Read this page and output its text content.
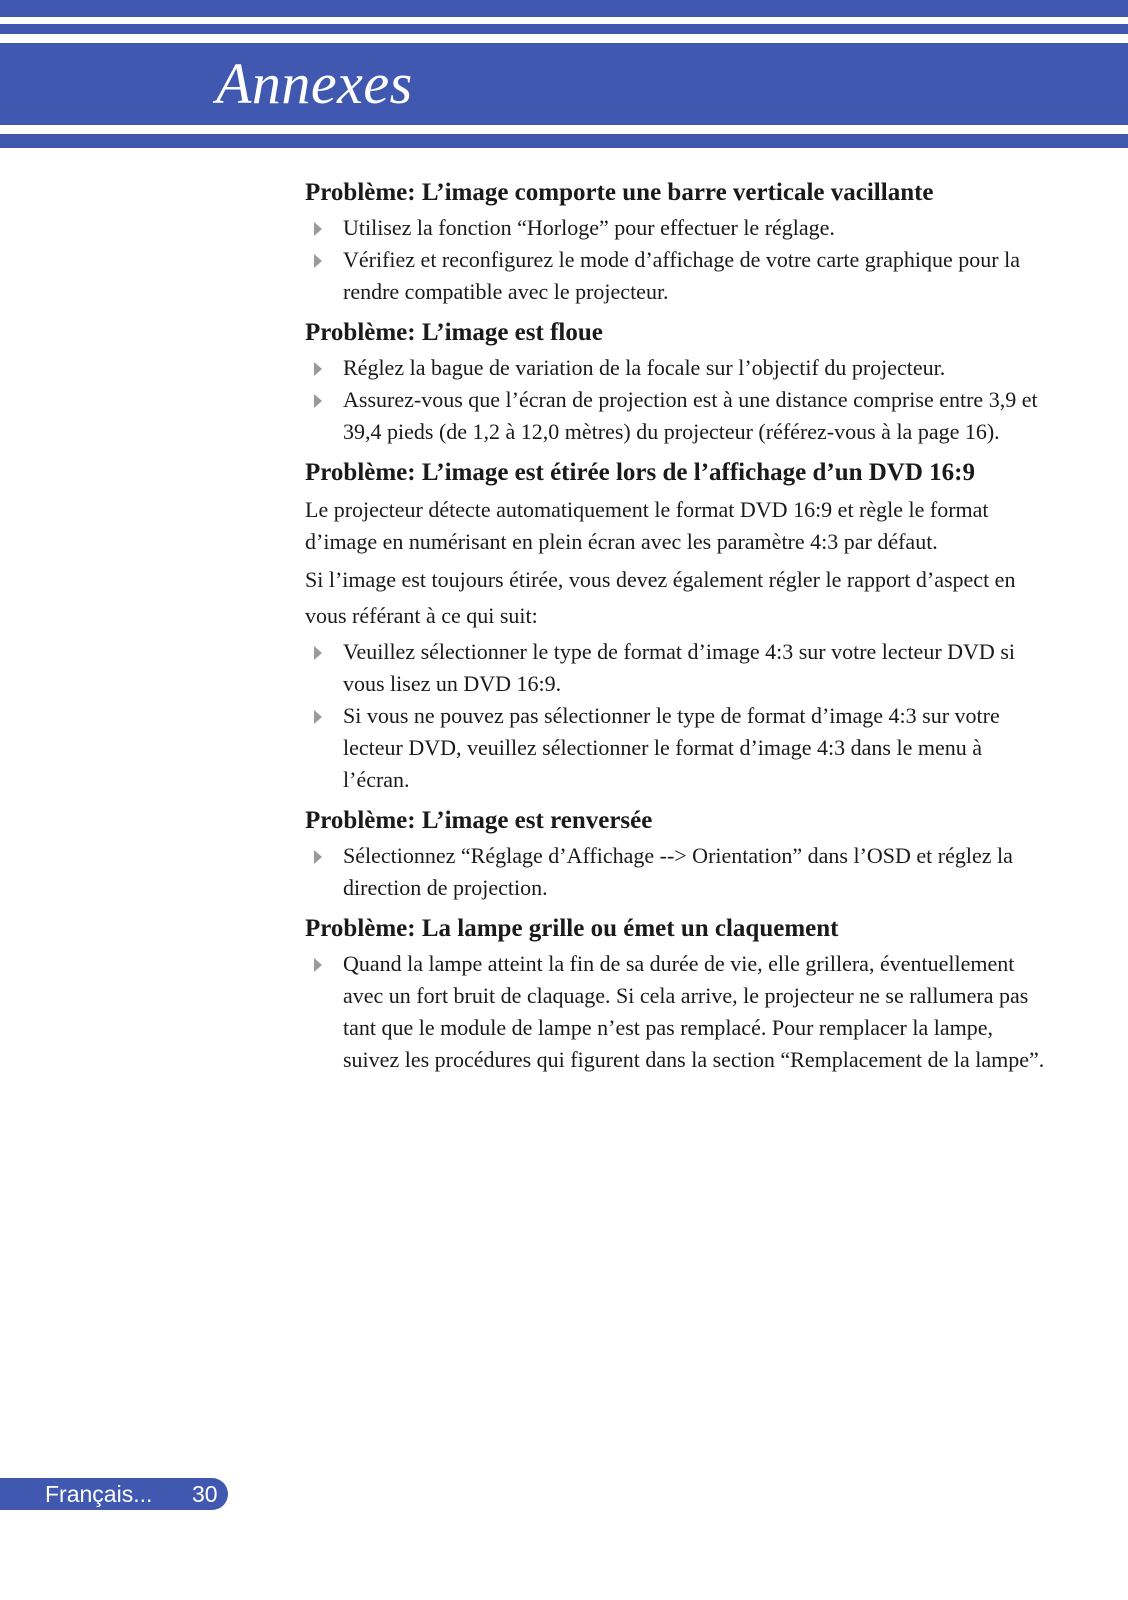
Annexes
Problème: L’image comporte une barre verticale vacillante
Utilisez la fonction “Horloge” pour effectuer le réglage.
Vérifiez et reconfigurez le mode d’affichage de votre carte graphique pour la rendre compatible avec le projecteur.
Problème: L’image est floue
Réglez la bague de variation de la focale sur l’objectif du projecteur.
Assurez-vous que l’écran de projection est à une distance comprise entre 3,9 et 39,4 pieds (de 1,2 à 12,0 mètres) du projecteur (référez-vous à la page 16).
Problème: L’image est étirée lors de l’affichage d’un DVD 16:9

Le projecteur détecte automatiquement le format DVD 16:9 et règle le format d’image en numérisant en plein écran avec les paramètre 4:3 par défaut.

Si l’image est toujours étirée, vous devez également régler le rapport d’aspect en vous référant à ce qui suit:

Veuillez sélectionner le type de format d’image 4:3 sur votre lecteur DVD si vous lisez un DVD 16:9.
Si vous ne pouvez pas sélectionner le type de format d’image 4:3 sur votre lecteur DVD, veuillez sélectionner le format d’image 4:3 dans le menu à l’écran.
Problème: L’image est renversée
Sélectionnez “Réglage d’Affichage --> Orientation” dans l’OSD et réglez la direction de projection.
Problème: La lampe grille ou émet un claquement
Quand la lampe atteint la fin de sa durée de vie, elle grillera, éventuellement avec un fort bruit de claquage. Si cela arrive, le projecteur ne se rallumera pas tant que le module de lampe n’est pas remplacé. Pour remplacer la lampe, suivez les procédures qui figurent dans la section “Remplacement de la lampe”.
Français... 30
